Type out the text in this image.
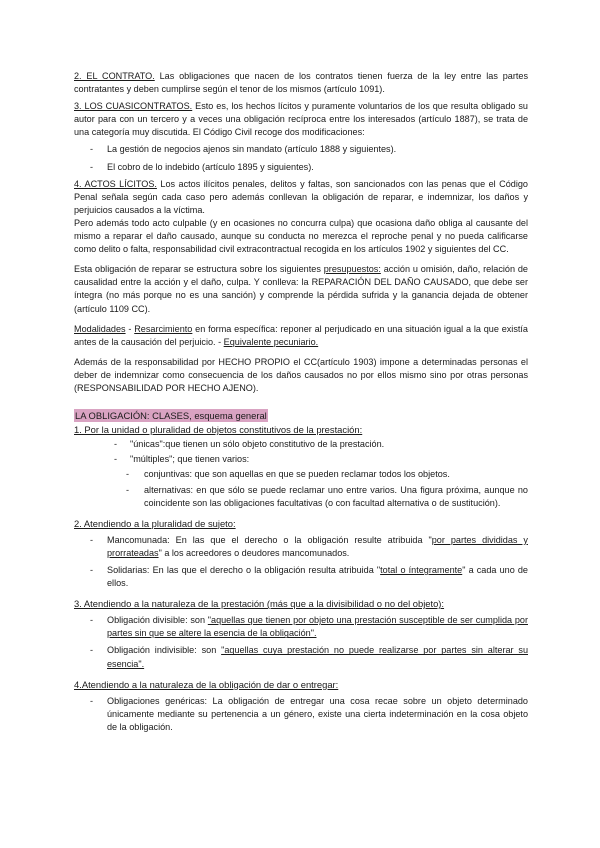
2. EL CONTRATO. Las obligaciones que nacen de los contratos tienen fuerza de la ley entre las partes contratantes y deben cumplirse según el tenor de los mismos (artículo 1091).

3. LOS CUASICONTRATOS. Esto es, los hechos lícitos y puramente voluntarios de los que resulta obligado su autor para con un tercero y a veces una obligación recíproca entre los interesados (artículo 1887), se trata de una categoría muy discutida. El Código Civil recoge dos modificaciones:

- La gestión de negocios ajenos sin mandato (artículo 1888 y siguientes).
- El cobro de lo indebido (artículo 1895 y siguientes).

4. ACTOS LÍCITOS. Los actos ilícitos penales, delitos y faltas, son sancionados con las penas que el Código Penal señala según cada caso pero además conllevan la obligación de reparar, e indemnizar, los daños y perjuicios causados a la víctima.

Pero además todo acto culpable (y en ocasiones no concurra culpa) que ocasiona daño obliga al causante del mismo a reparar el daño causado, aunque su conducta no merezca el reproche penal y no pueda calificarse como delito o falta, responsabilidad civil extracontractual recogida en los artículos 1902 y siguientes del CC.

Esta obligación de reparar se estructura sobre los siguientes presupuestos: acción u omisión, daño, relación de causalidad entre la acción y el daño, culpa. Y conlleva: la REPARACIÓN DEL DAÑO CAUSADO, que debe ser íntegra (no más porque no es una sanción) y comprende la pérdida sufrida y la ganancia dejada de obtener (artículo 1109 CC).

Modalidades - Resarcimiento en forma específica: reponer al perjudicado en una situación igual a la que existía antes de la causación del perjuicio. - Equivalente pecuniario.

Además de la responsabilidad por HECHO PROPIO el CC(artículo 1903) impone a determinadas personas el deber de indemnizar como consecuencia de los daños causados no por ellos mismo sino por otras personas (RESPONSABILIDAD POR HECHO AJENO).

LA OBLIGACIÓN: CLASES, esquema general

1. Por la unidad o pluralidad de objetos constitutivos de la prestación:

- "únicas":que tienen un sólo objeto constitutivo de la prestación.
- "múltiples"; que tienen varios:
- conjuntivas: que son aquellas en que se pueden reclamar todos los objetos.
- alternativas: en que sólo se puede reclamar uno entre varios. Una figura próxima, aunque no coincidente son las obligaciones facultativas (o con facultad alternativa o de sustitución).

2. Atendiendo a la pluralidad de sujeto:

- Mancomunada: En las que el derecho o la obligación resulte atribuida "por partes divididas y prorrateadas" a los acreedores o deudores mancomunados.
- Solidarias: En las que el derecho o la obligación resulta atribuida "total o íntegramente" a cada uno de ellos.

3. Atendiendo a la naturaleza de la prestación (más que a la divisibilidad o no del objeto):

- Obligación divisible: son "aquellas que tienen por objeto una prestación susceptible de ser cumplida por partes sin que se altere la esencia de la obligación".
- Obligación indivisible: son "aquellas cuya prestación no puede realizarse por partes sin alterar su esencia".

4.Atendiendo a la naturaleza de la obligación de dar o entregar:

- Obligaciones genéricas: La obligación de entregar una cosa recae sobre un objeto determinado únicamente mediante su pertenencia a un género, existe una cierta indeterminación en la cosa objeto de la obligación.
